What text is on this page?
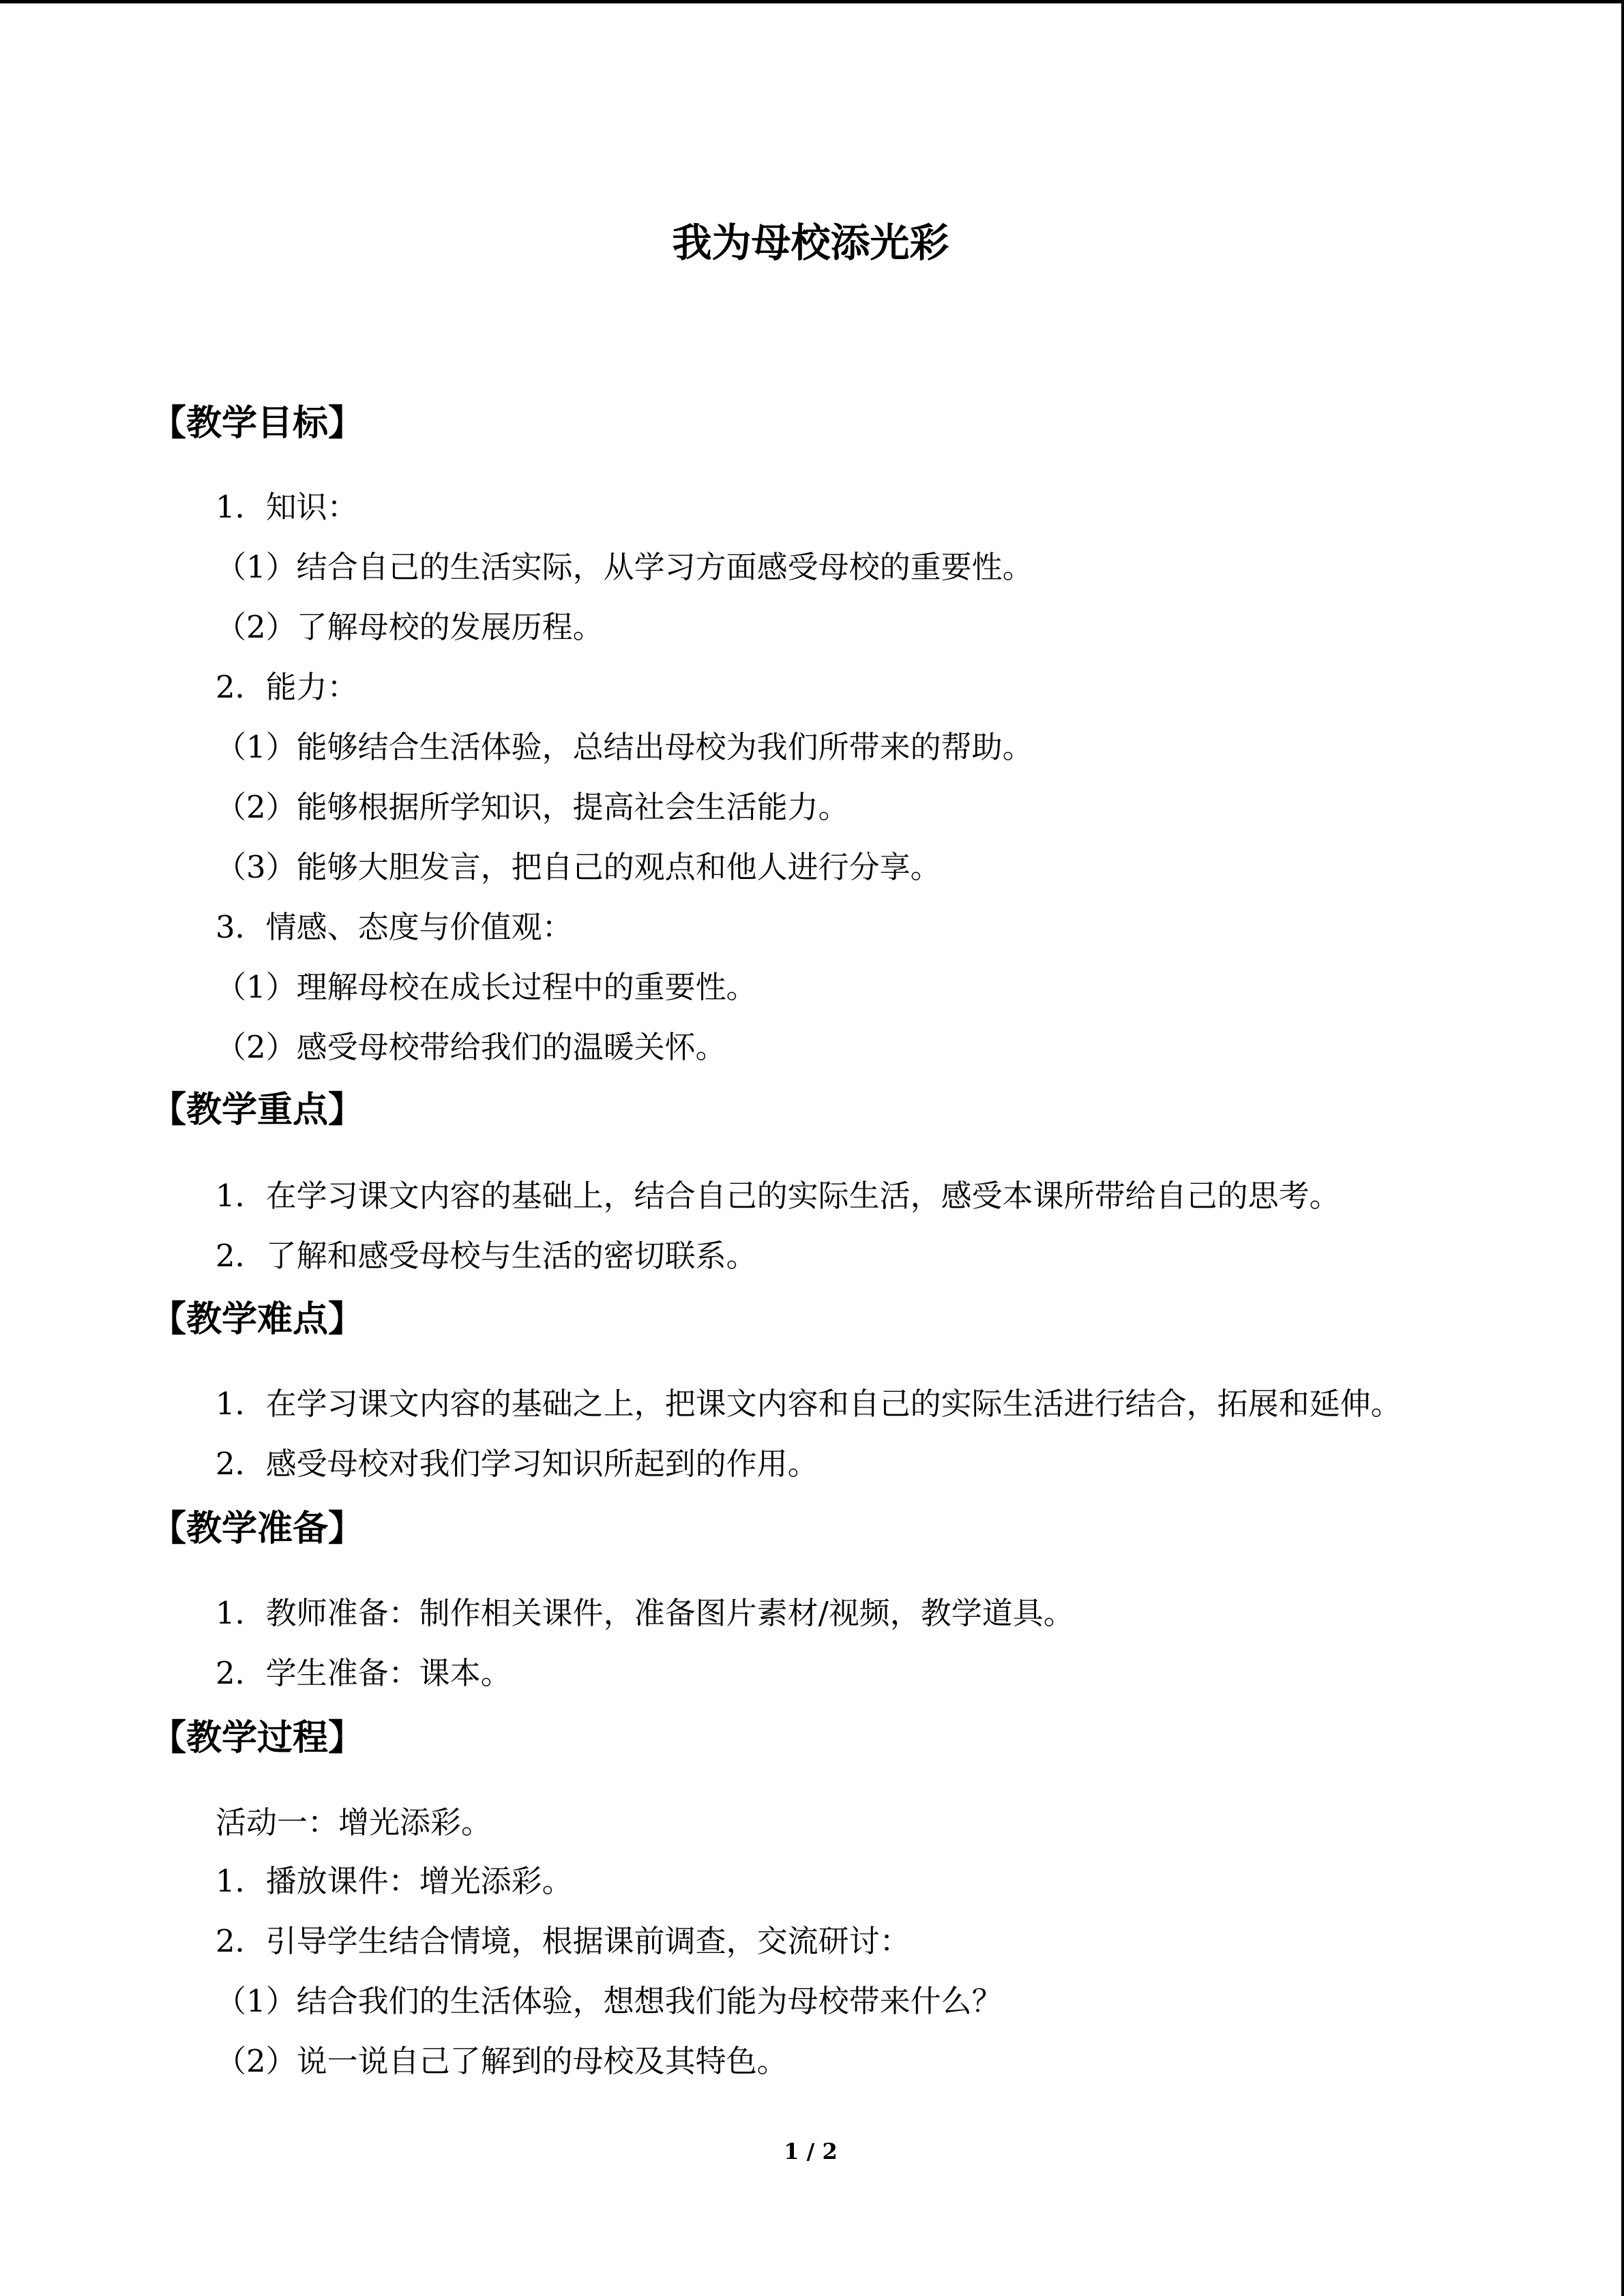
我为母校添光彩
【教学目标】
1．知识：
（1）结合自己的生活实际，从学习方面感受母校的重要性。
（2）了解母校的发展历程。
2．能力：
（1）能够结合生活体验，总结出母校为我们所带来的帮助。
（2）能够根据所学知识，提高社会生活能力。
（3）能够大胆发言，把自己的观点和他人进行分享。
3．情感、态度与价值观：
（1）理解母校在成长过程中的重要性。
（2）感受母校带给我们的温暖关怀。
【教学重点】
1．在学习课文内容的基础上，结合自己的实际生活，感受本课所带给自己的思考。
2．了解和感受母校与生活的密切联系。
【教学难点】
1．在学习课文内容的基础之上，把课文内容和自己的实际生活进行结合，拓展和延伸。
2．感受母校对我们学习知识所起到的作用。
【教学准备】
1．教师准备：制作相关课件，准备图片素材/视频，教学道具。
2．学生准备：课本。
【教学过程】
活动一：增光添彩。
1．播放课件：增光添彩。
2．引导学生结合情境，根据课前调查，交流研讨：
（1）结合我们的生活体验，想想我们能为母校带来什么？
（2）说一说自己了解到的母校及其特色。
1 / 2
